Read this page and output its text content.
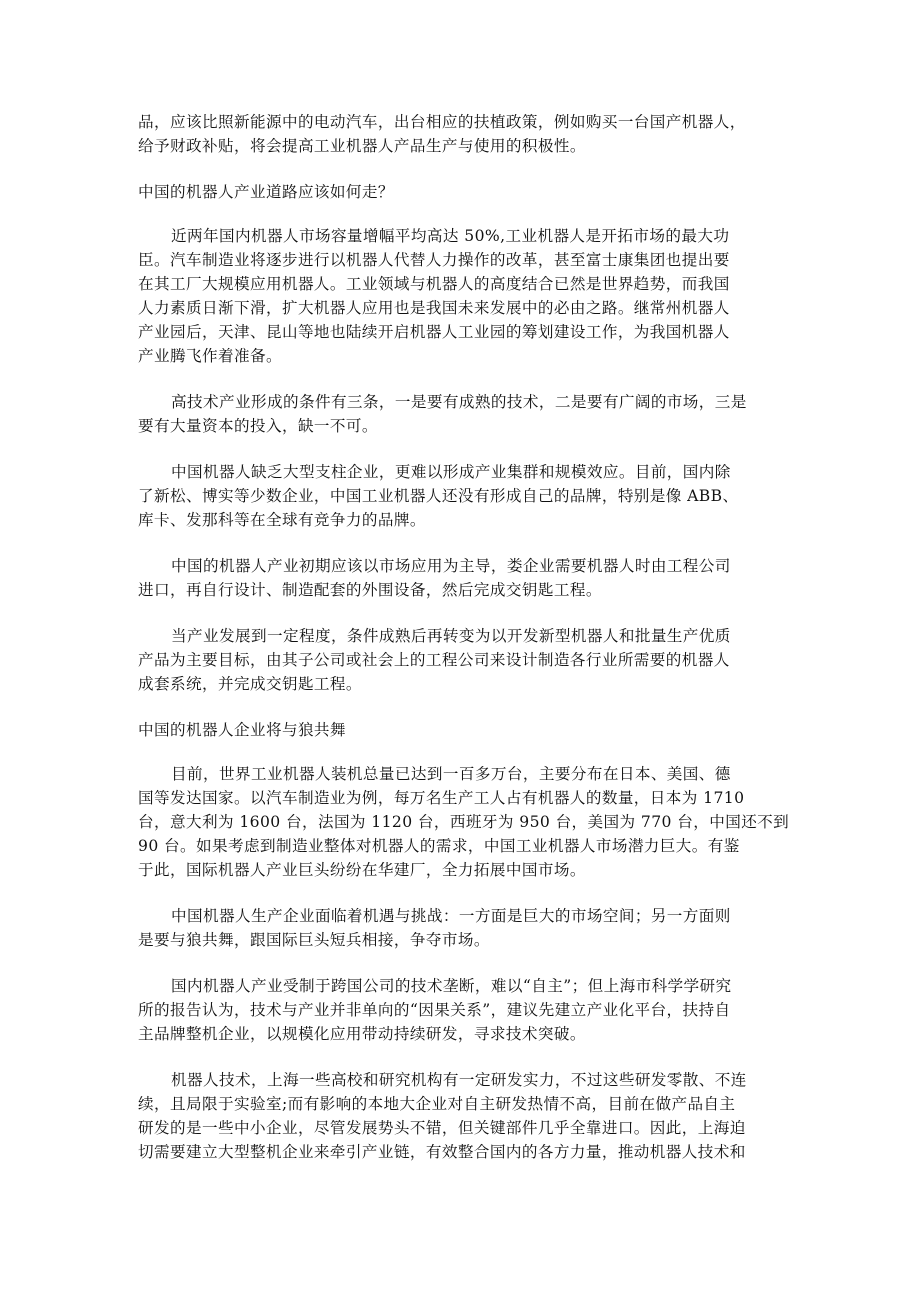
品，应该比照新能源中的电动汽车，出台相应的扶植政策，例如购买一台国产机器人，
给予财政补贴，将会提高工业机器人产品生产与使用的积极性。

中国的机器人产业道路应该如何走？

近两年国内机器人市场容量增幅平均高达 50%,工业机器人是开拓市场的最大功
臣。汽车制造业将逐步进行以机器人代替人力操作的改革，甚至富士康集团也提出要
在其工厂大规模应用机器人。工业领域与机器人的高度结合已然是世界趋势，而我国
人力素质日渐下滑，扩大机器人应用也是我国未来发展中的必由之路。继常州机器人
产业园后，天津、昆山等地也陆续开启机器人工业园的筹划建设工作，为我国机器人
产业腾飞作着准备。

高技术产业形成的条件有三条，一是要有成熟的技术，二是要有广阔的市场，三是
要有大量资本的投入，缺一不可。

中国机器人缺乏大型支柱企业，更难以形成产业集群和规模效应。目前，国内除
了新松、博实等少数企业，中国工业机器人还没有形成自己的品牌，特别是像 ABB、
库卡、发那科等在全球有竞争力的品牌。

中国的机器人产业初期应该以市场应用为主导，娄企业需要机器人时由工程公司
进口，再自行设计、制造配套的外围设备，然后完成交钥匙工程。

当产业发展到一定程度，条件成熟后再转变为以开发新型机器人和批量生产优质
产品为主要目标，由其子公司或社会上的工程公司来设计制造各行业所需要的机器人
成套系统，并完成交钥匙工程。

中国的机器人企业将与狼共舞

目前，世界工业机器人装机总量已达到一百多万台，主要分布在日本、美国、德
国等发达国家。以汽车制造业为例，每万名生产工人占有机器人的数量，日本为 1710
台，意大利为 1600 台，法国为 1120 台，西班牙为 950 台，美国为 770 台，中国还不到
90 台。如果考虑到制造业整体对机器人的需求，中国工业机器人市场潜力巨大。有鉴
于此，国际机器人产业巨头纷纷在华建厂，全力拓展中国市场。

中国机器人生产企业面临着机遇与挑战：一方面是巨大的市场空间；另一方面则
是要与狼共舞，跟国际巨头短兵相接，争夺市场。

国内机器人产业受制于跨国公司的技术垄断，难以“自主”；但上海市科学学研究
所的报告认为，技术与产业并非单向的“因果关系”，建议先建立产业化平台，扶持自
主品牌整机企业，以规模化应用带动持续研发，寻求技术突破。

机器人技术，上海一些高校和研究机构有一定研发实力，不过这些研发零散、不连
续，且局限于实验室;而有影响的本地大企业对自主研发热情不高，目前在做产品自主
研发的是一些中小企业，尽管发展势头不错，但关键部件几乎全靠进口。因此，上海迫
切需要建立大型整机企业来牵引产业链，有效整合国内的各方力量，推动机器人技术和
